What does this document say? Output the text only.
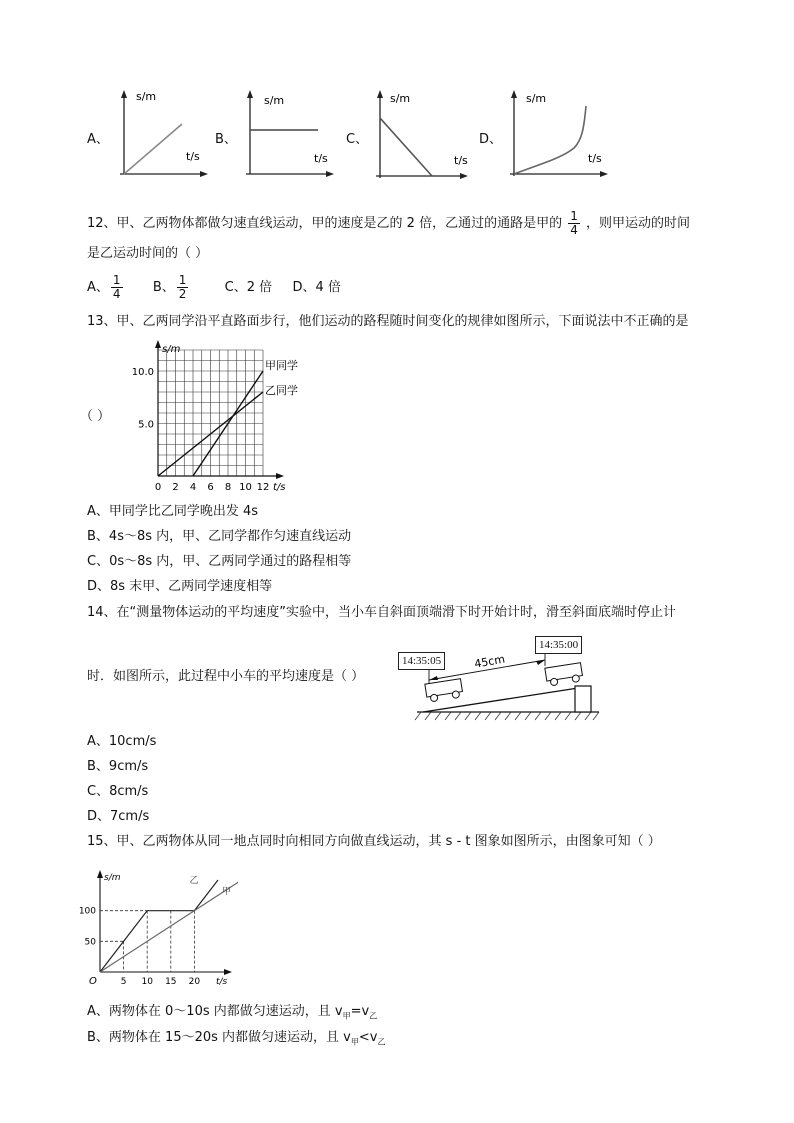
A、
s/m
t/s
B、
s/m
t/s
C、
s/m
t/s
D、
s/m
t/s
12、甲、乙两物体都做匀速直线运动，甲的速度是乙的 2 倍，乙通过的通路是甲的 $\frac{1}{4}$ ，则甲运动的时间
是乙运动时间的（ ）
A、 $\frac{1}{4}$ B、 $\frac{1}{2}$	C、2 倍 D、4 倍
13、甲、乙两同学沿平直路面步行，他们运动的路程随时间变化的规律如图所示，下面说法中不正确的是
（ ）
s/m
t/s
0 2 4 6 8 10 12
5.0
10.0
甲同学
乙同学
A、甲同学比乙同学晚出发 4s
B、4s～8s 内，甲、乙同学都作匀速直线运动
C、0s～8s 内，甲、乙两同学通过的路程相等
D、8s 末甲、乙两同学速度相等
14、在“测量物体运动的平均速度”实验中，当小车自斜面顶端滑下时开始计时，滑至斜面底端时停止计
时．如图所示，此过程中小车的平均速度是（ ）
45cm
14:35:00
14:35:05
A、10cm/s
B、9cm/s
C、8cm/s
D、7cm/s
15、甲、乙两物体从同一地点同时向相同方向做直线运动，其 s - t 图象如图所示，由图象可知（ ）
s/m
t/s
O	5 10 15 20
50
100
乙
甲
A、两物体在 0～10s 内都做匀速运动，且 $v_甲=v_乙$
B、两物体在 15～20s 内都做匀速运动，且 $v_甲<v_乙$
